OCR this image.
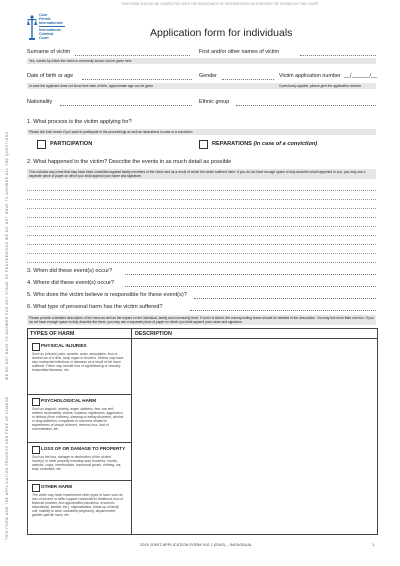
THIS FORM SHOULD BE COMPLETED WITH THE ASSISTANCE OF INTERMEDIARY AUTHORISED OR TRAINED BY THE COURT
Cour
Pénale
Internationale
International
Criminal
Court	Application form for individuals
WE DO NOT HAVE TO ANSWER ALL THE QUESTIONS
WE DO NOT HAVE TO ANSWER FOR ANY STAGE OF PROCEEDINGS
THIS FORM AND THE APPLICATION PROCESS ARE FREE OF CHARGE
Surname of victim	First and/or other names of victim
Yes, names by which the victim is commonly known can be given here
Date of birth or age	Gender	Victim application number __/______/__
In case the applicant does not know their date of birth, approximate age can be given	If previously applied, please give the application number
Nationality	Ethnic group
1. What process is the victim applying for?
Please tick both boxes if you want to participate in the proceedings as well as reparations in case of a conviction
PARTICIPATION	REPARATIONS (in case of a conviction)
2. What happened to the victim? Describe the events in as much detail as possible
This includes any crime that may have been committed against family members of the victim and as a result of which the victim suffered harm. If you do not have enough space to fully describe what happened to you, you may use a separate piece of paper on which you shall append your name and signature.
3. When did these event(s) occur?
4. Where did these event(s) occur?
5. Who does the victim believe is responsible for these event(s)?
6. What type of personal harm has the victim suffered?
Please provide a detailed description of the harm as well as the impact on the individual, family and community level. If a box is ticked, the corresponding boxes should be detailed in the description. You may tick more than one box. If you do not have enough space to fully describe the harm, you may use a separate piece of paper on which you shall append your name and signature.
TYPES OF HARM	DESCRIPTION
PHYSICAL INJURIES
Such as (chronic) pain, wounds, scars, amputation, loss or limited use of a limb, body organ or function. Victims may have also contracted infections or diseases as a result of the harm suffered. These may include loss of sight/hearing or sexually transmitted diseases, etc.
PSYCHOLOGICAL HARM
Such as anguish, anxiety, anger, sadness, fear, low self-esteem vulnerability, shame, isolation, nightmares, aggression or distrust (from children), sleeping or eating disorders, alcohol or drug addiction, complaints or concerns related to experiences of sexual violence, memory loss, lack of concentration, etc.
LOSS OF OR DAMAGE TO PROPERTY
Such as the loss, damage or destruction of the victims' home(s) or other property including land, business, money, animals, crops, merchandise, household goods, clothing, car, boat, motorbike, etc.
OTHER HARM
The victim may have experienced other types of harm such as loss of income or other support connected to livelihood, loss of financial provider, lost opportunities (business, economic, educational, familial, etc.), stigmatisation, break up of family unit, inability to work, unwanted pregnancy, displacement, gender specific harm, etc.
2019 JOINT APPLICATION FORM V02 1 (ENG) – INDIVIDUAL	1
